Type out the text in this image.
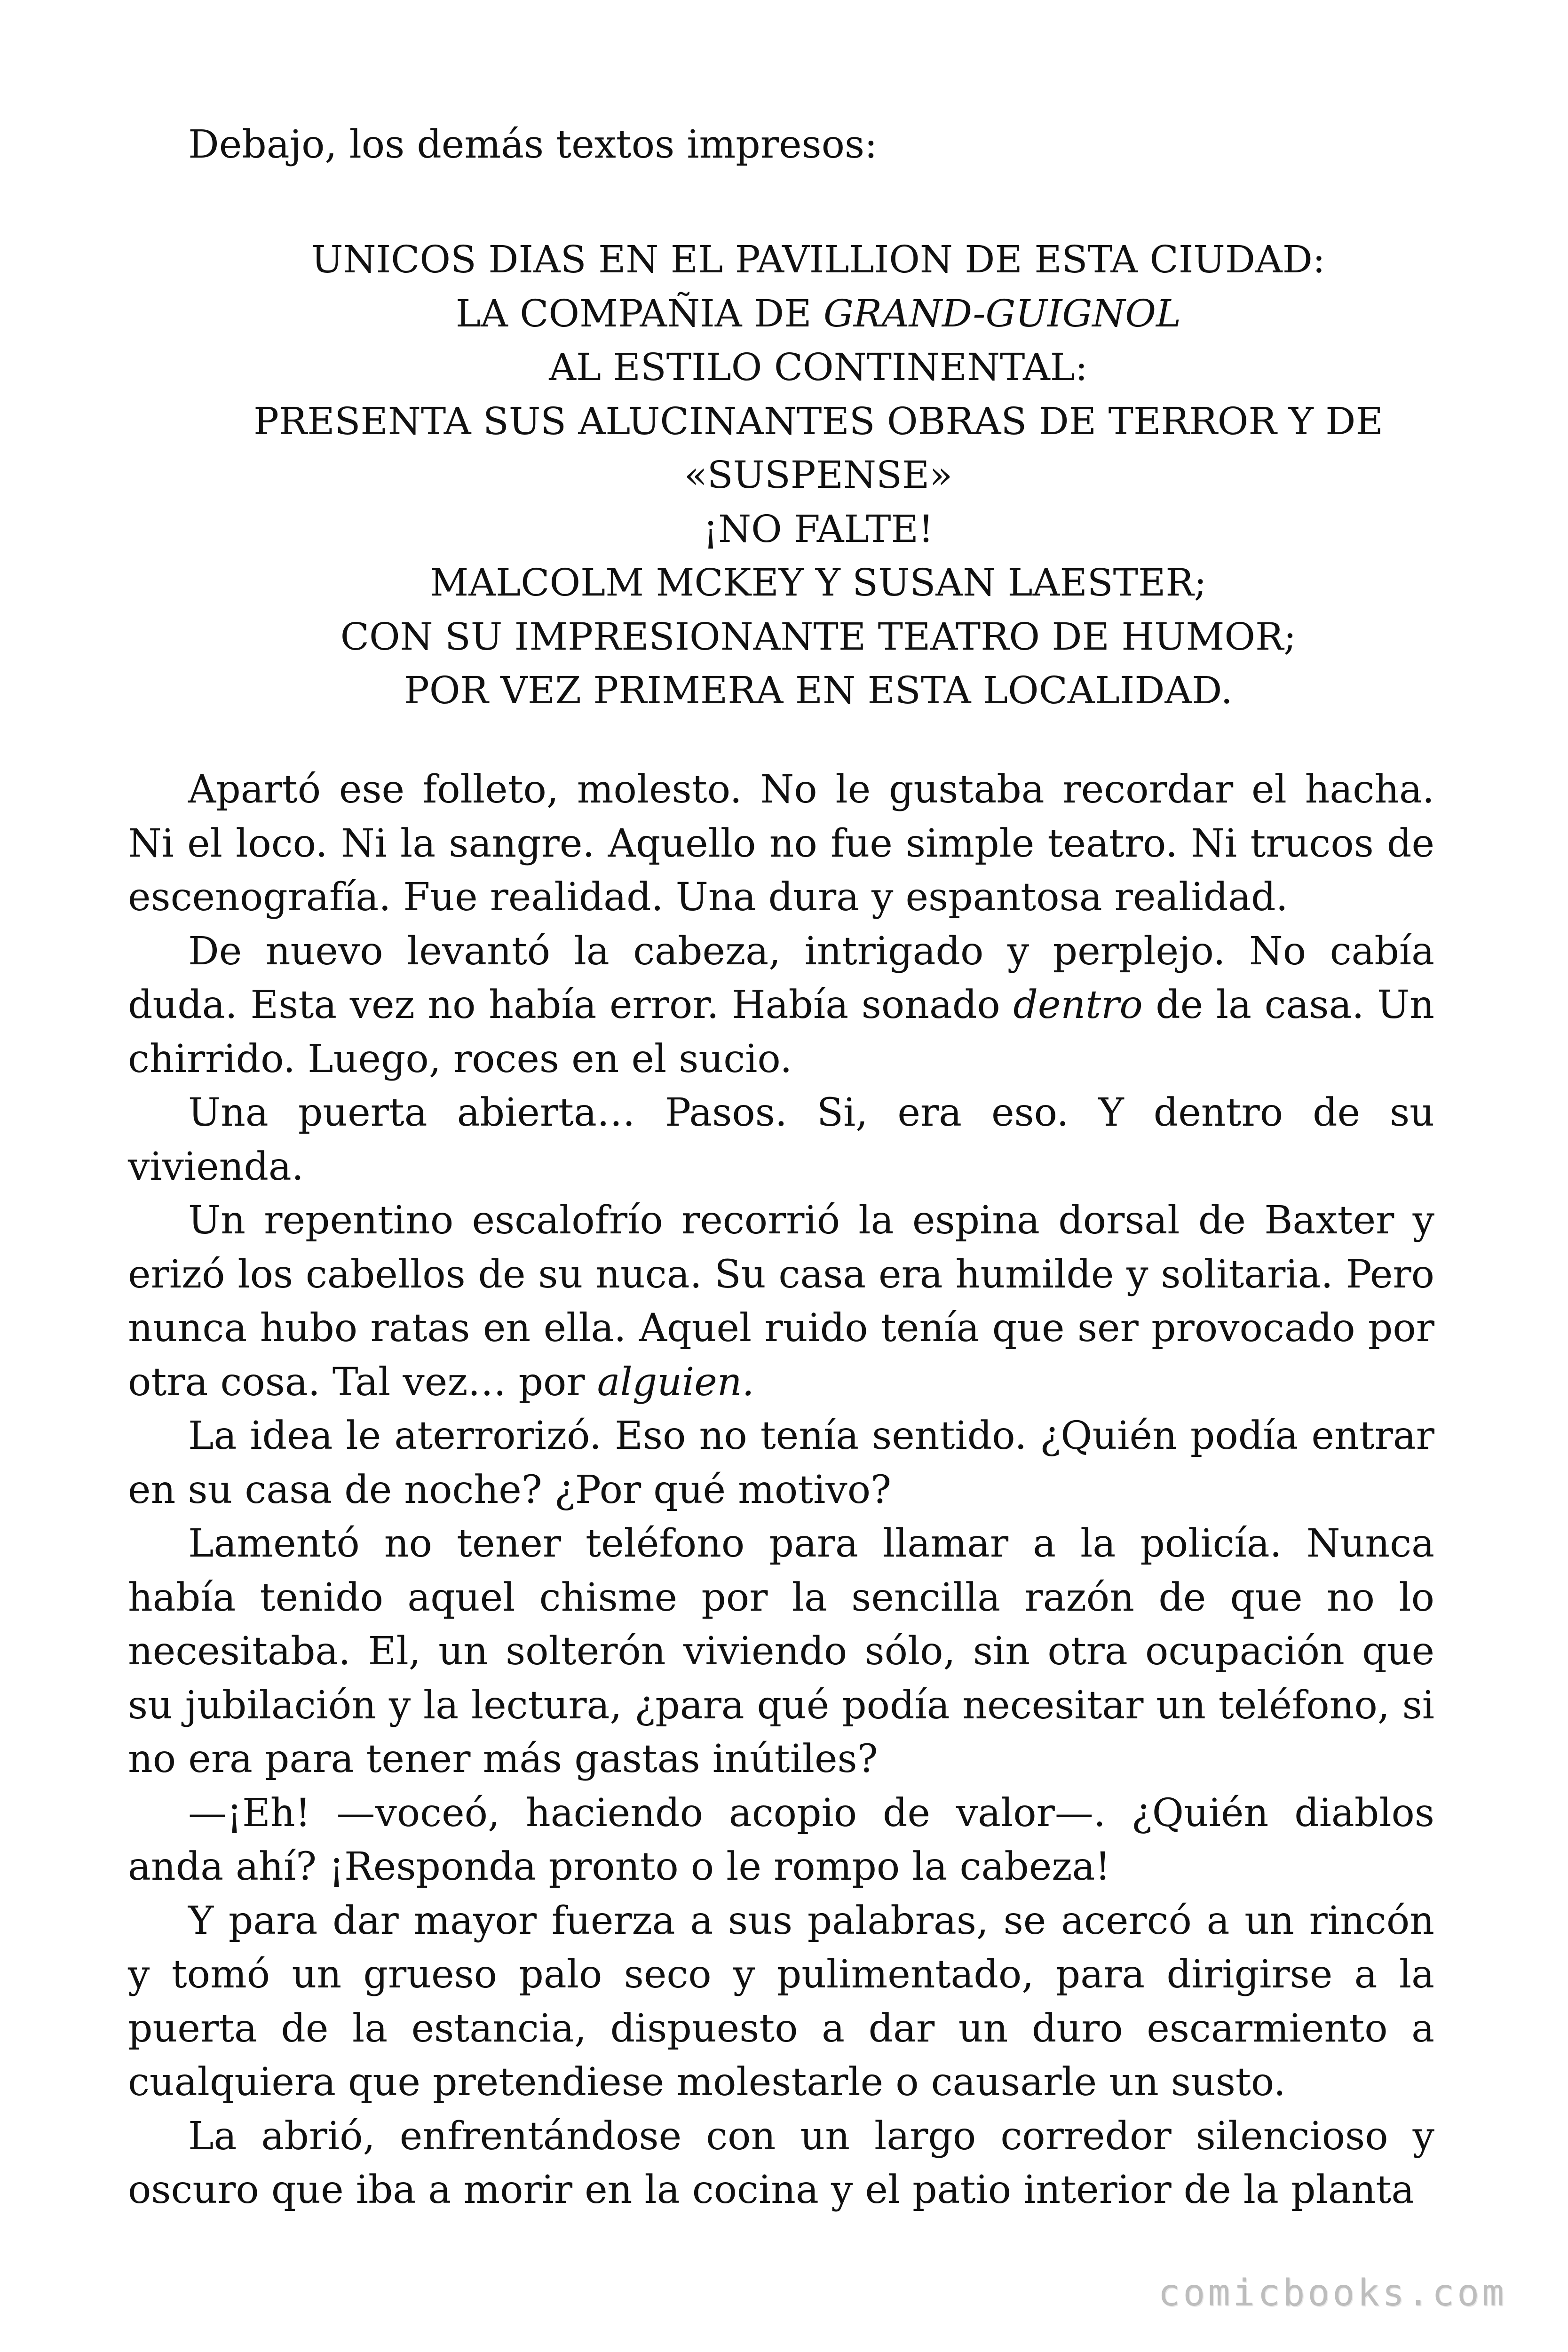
Debajo, los demás textos impresos:

UNICOS DIAS EN EL PAVILLION DE ESTA CIUDAD:
LA COMPAÑIA DE GRAND-GUIGNOL
AL ESTILO CONTINENTAL:
PRESENTA SUS ALUCINANTES OBRAS DE TERROR Y DE
«SUSPENSE»
¡NO FALTE!
MALCOLM MCKEY Y SUSAN LAESTER;
CON SU IMPRESIONANTE TEATRO DE HUMOR;
POR VEZ PRIMERA EN ESTA LOCALIDAD.

Apartó ese folleto, molesto. No le gustaba recordar el hacha. Ni el loco. Ni la sangre. Aquello no fue simple teatro. Ni trucos de escenografía. Fue realidad. Una dura y espantosa realidad.

De nuevo levantó la cabeza, intrigado y perplejo. No cabía duda. Esta vez no había error. Había sonado dentro de la casa. Un chirrido. Luego, roces en el sucio.

Una puerta abierta… Pasos. Si, era eso. Y dentro de su vivienda.

Un repentino escalofrío recorrió la espina dorsal de Baxter y erizó los cabellos de su nuca. Su casa era humilde y solitaria. Pero nunca hubo ratas en ella. Aquel ruido tenía que ser provocado por otra cosa. Tal vez… por alguien.

La idea le aterrorizó. Eso no tenía sentido. ¿Quién podía entrar en su casa de noche? ¿Por qué motivo?

Lamentó no tener teléfono para llamar a la policía. Nunca había tenido aquel chisme por la sencilla razón de que no lo necesitaba. El, un solterón viviendo sólo, sin otra ocupación que su jubilación y la lectura, ¿para qué podía necesitar un teléfono, si no era para tener más gastas inútiles?

—¡Eh! —voceó, haciendo acopio de valor—. ¿Quién diablos anda ahí? ¡Responda pronto o le rompo la cabeza!

Y para dar mayor fuerza a sus palabras, se acercó a un rincón y tomó un grueso palo seco y pulimentado, para dirigirse a la puerta de la estancia, dispuesto a dar un duro escarmiento a cualquiera que pretendiese molestarle o causarle un susto.

La abrió, enfrentándose con un largo corredor silencioso y oscuro que iba a morir en la cocina y el patio interior de la planta

comicbooks.com
